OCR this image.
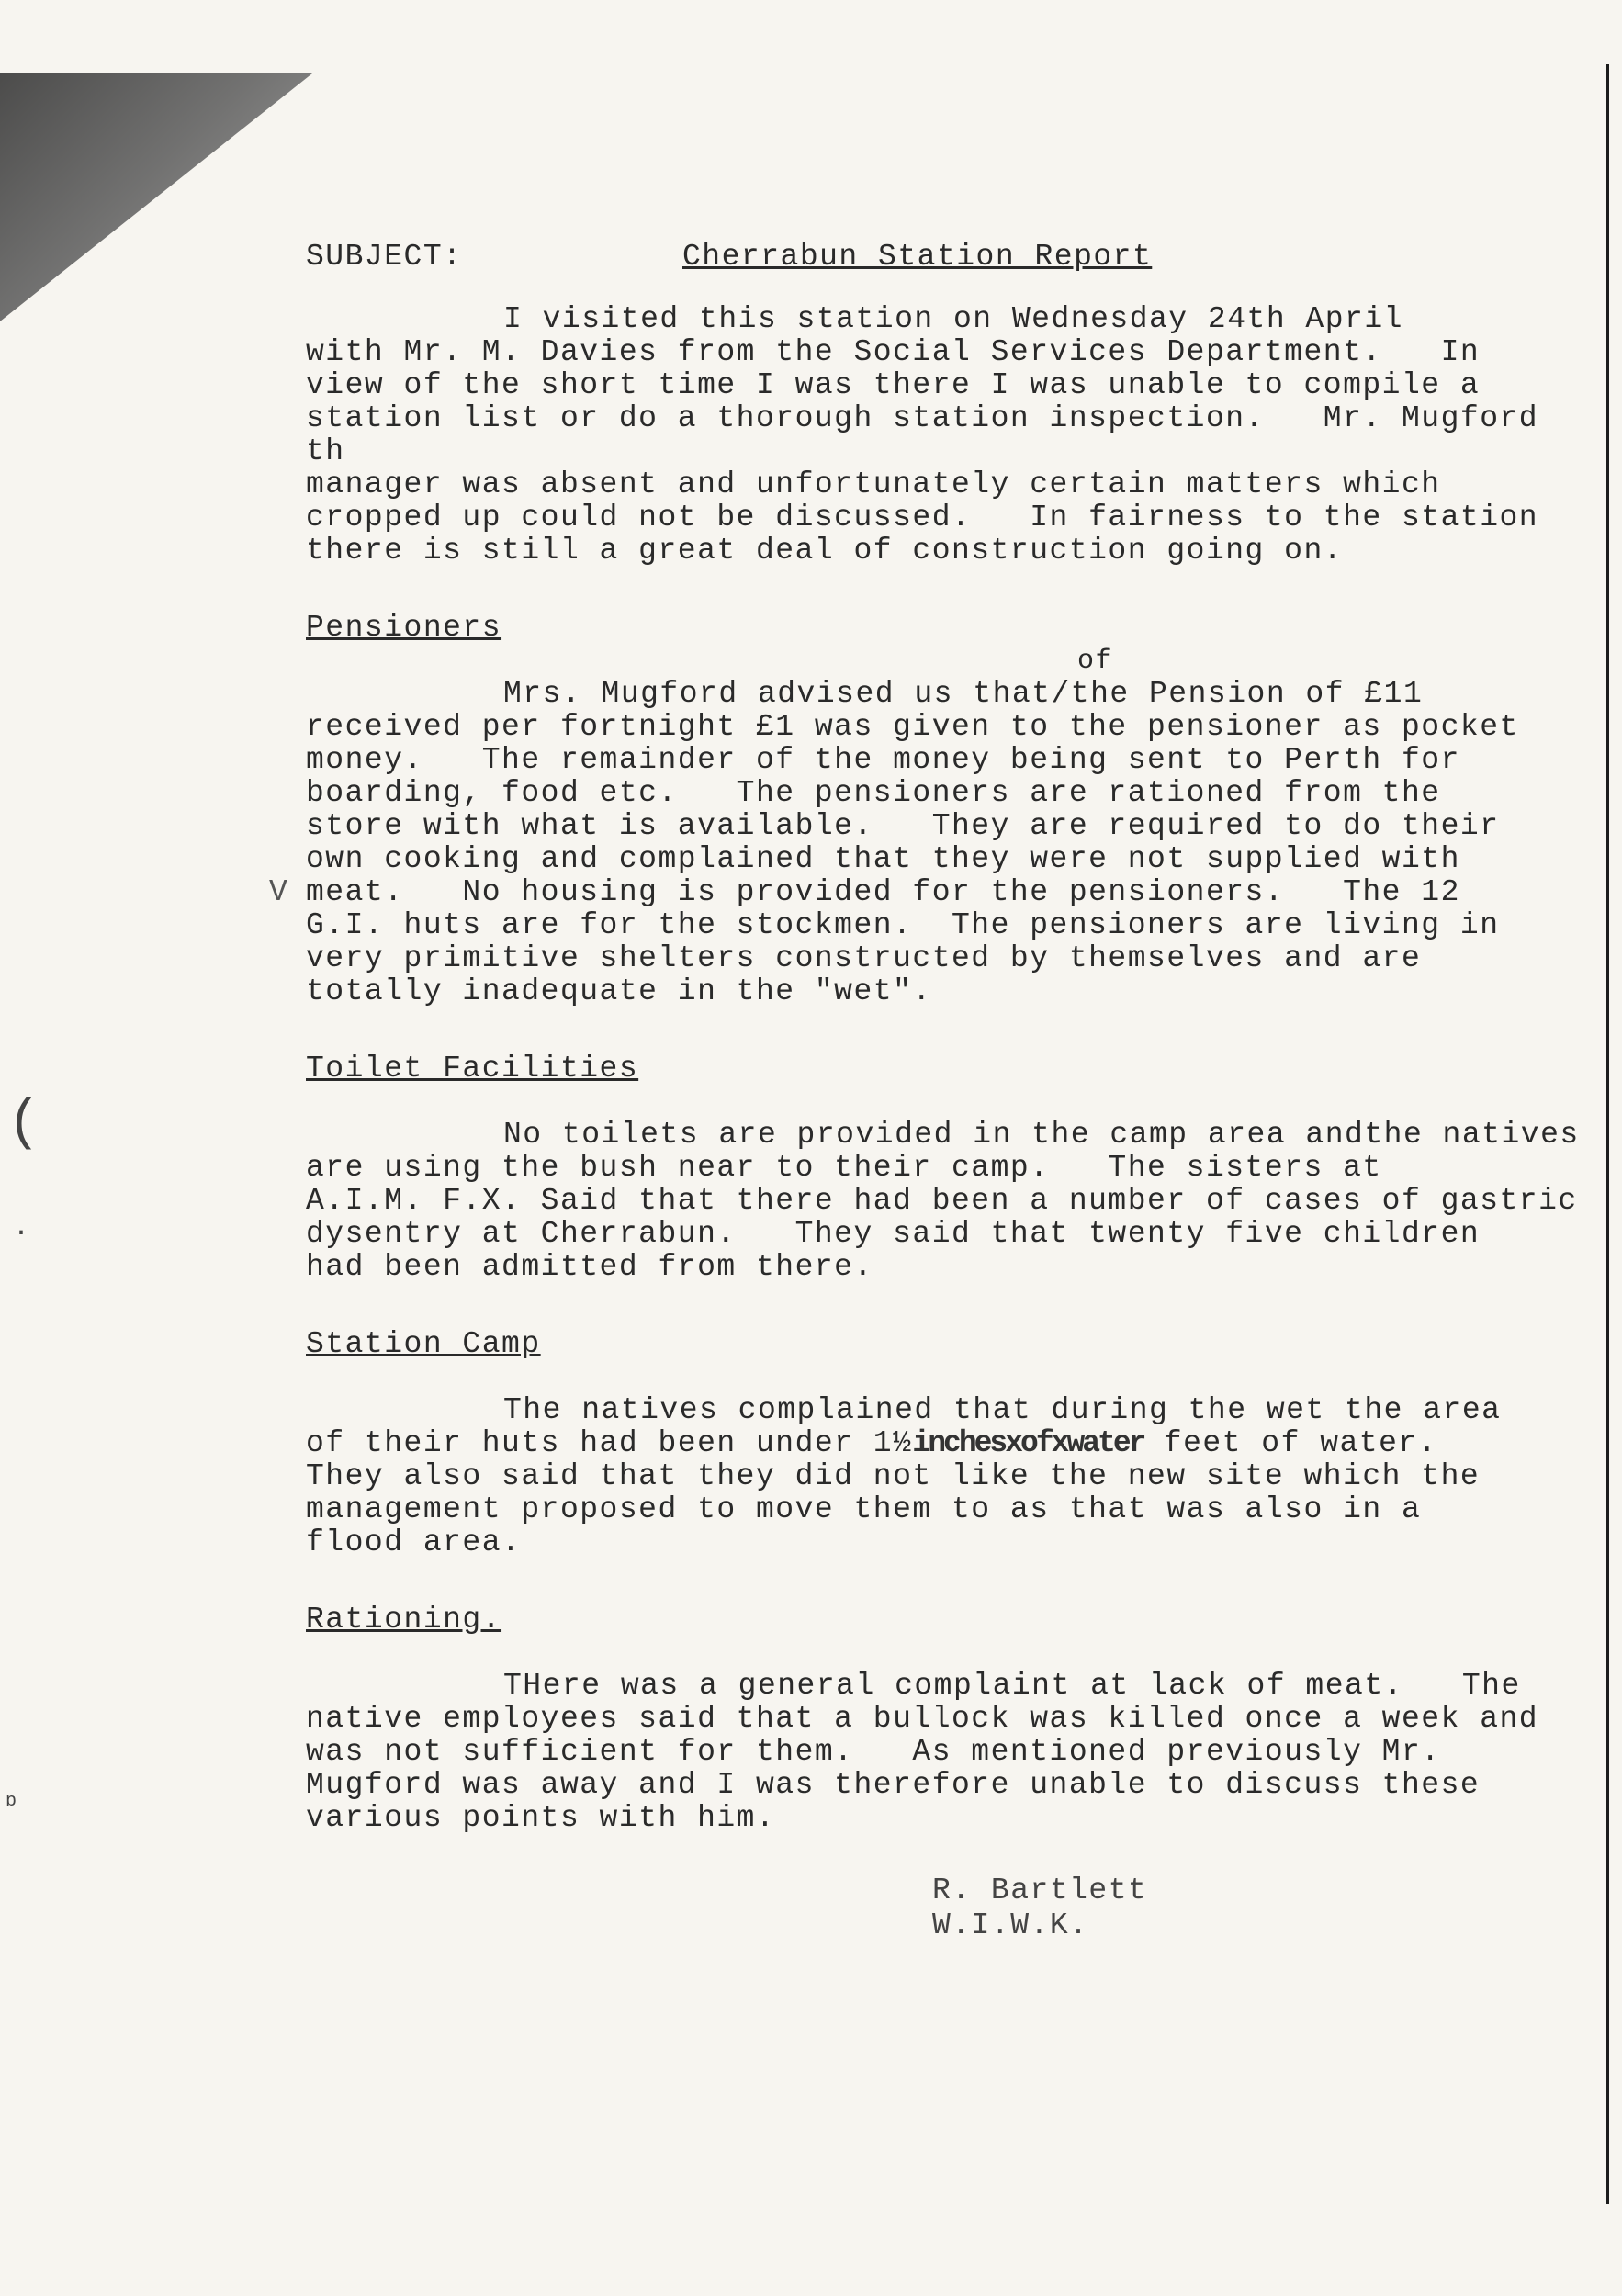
(
.
ɒ
SUBJECT:	Cherrabun Station Report

I visited this station on Wednesday 24th April

with Mr. M. Davies from the Social Services Department.   In

view of the short time I was there I was unable to compile a

station list or do a thorough station inspection.   Mr. Mugford th

manager was absent and unfortunately certain matters which

cropped up could not be discussed.   In fairness to the station

there is still a great deal of construction going on.

Pensioners
of

Mrs. Mugford advised us that/the Pension of £11

received per fortnight £1 was given to the pensioner as pocket

money.   The remainder of the money being sent to Perth for

boarding, food etc.   The pensioners are rationed from the

store with what is available.   They are required to do their

own cooking and complained that they were not supplied with

V meat.   No housing is provided for the pensioners.   The 12

G.I. huts are for the stockmen.  The pensioners are living in

very primitive shelters constructed by themselves and are

totally inadequate in the "wet".

Toilet Facilities

No toilets are provided in the camp area andthe natives

are using the bush near to their camp.   The sisters at

A.I.M. F.X. Said that there had been a number of cases of gastric

dysentry at Cherrabun.   They said that twenty five children

had been admitted from there.

Station Camp

The natives complained that during the wet the area

of their huts had been under 1½inchesxofxwater feet of water.

They also said that they did not like the new site which the

management proposed to move them to as that was also in a

flood area.

Rationing.

THere was a general complaint at lack of meat.   The

native employees said that a bullock was killed once a week and

was not sufficient for them.   As mentioned previously Mr.

Mugford was away and I was therefore unable to discuss these

various points with him.

R. Bartlett
W.I.W.K.
